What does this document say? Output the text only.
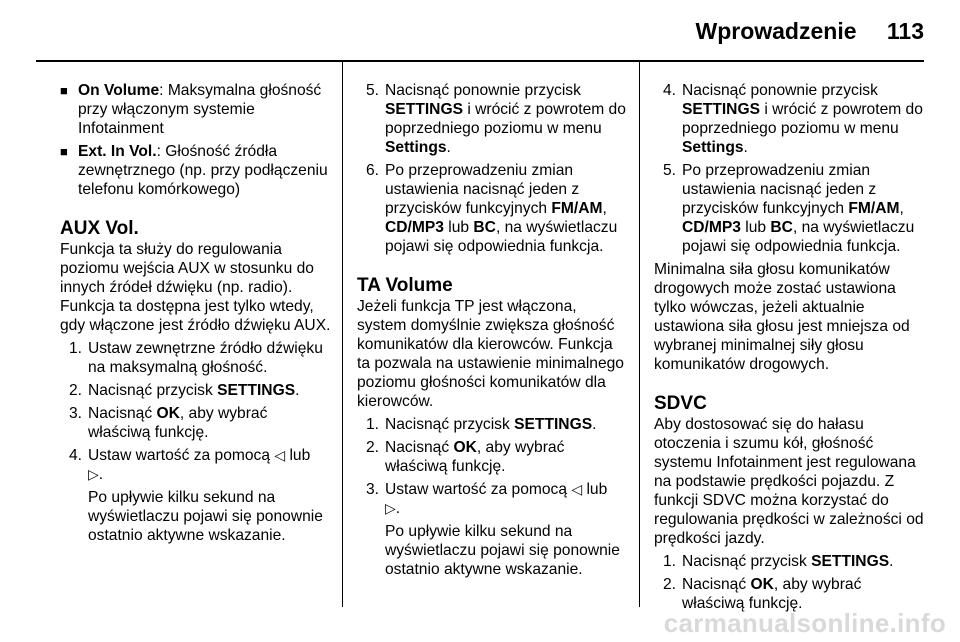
Wprowadzenie 113

■ On Volume: Maksymalna głośność przy włączonym systemie Infotainment

■ Ext. In Vol.: Głośność źródła zewnętrznego (np. przy podłączeniu telefonu komórkowego)

AUX Vol.

Funkcja ta służy do regulowania poziomu wejścia AUX w stosunku do innych źródeł dźwięku (np. radio). Funkcja ta dostępna jest tylko wtedy, gdy włączone jest źródło dźwięku AUX.

1. Ustaw zewnętrzne źródło dźwięku na maksymalną głośność.

2. Nacisnąć przycisk SETTINGS.

3. Nacisnąć OK, aby wybrać właściwą funkcję.

4. Ustaw wartość za pomocą ◁ lub
▷.

Po upływie kilku sekund na wyświetlaczu pojawi się ponownie ostatnio aktywne wskazanie.

5. Nacisnąć ponownie przycisk SETTINGS i wrócić z powrotem do poprzedniego poziomu w menu Settings.

6. Po przeprowadzeniu zmian ustawienia nacisnąć jeden z przycisków funkcyjnych FM/AM, CD/MP3 lub BC, na wyświetlaczu pojawi się odpowiednia funkcja.

TA Volume

Jeżeli funkcja TP jest włączona, system domyślnie zwiększa głośność komunikatów dla kierowców. Funkcja ta pozwala na ustawienie minimalnego poziomu głośności komunikatów dla kierowców.

1. Nacisnąć przycisk SETTINGS.

2. Nacisnąć OK, aby wybrać właściwą funkcję.

3. Ustaw wartość za pomocą ◁ lub
▷.

Po upływie kilku sekund na wyświetlaczu pojawi się ponownie ostatnio aktywne wskazanie.

4. Nacisnąć ponownie przycisk SETTINGS i wrócić z powrotem do poprzedniego poziomu w menu Settings.

5. Po przeprowadzeniu zmian ustawienia nacisnąć jeden z przycisków funkcyjnych FM/AM, CD/MP3 lub BC, na wyświetlaczu pojawi się odpowiednia funkcja.

Minimalna siła głosu komunikatów drogowych może zostać ustawiona tylko wówczas, jeżeli aktualnie ustawiona siła głosu jest mniejsza od wybranej minimalnej siły głosu komunikatów drogowych.

SDVC

Aby dostosować się do hałasu otoczenia i szumu kół, głośność systemu Infotainment jest regulowana na podstawie prędkości pojazdu. Z funkcji SDVC można korzystać do regulowania prędkości w zależności od prędkości jazdy.

1. Nacisnąć przycisk SETTINGS.

2. Nacisnąć OK, aby wybrać właściwą funkcję.

carmanualsonline.info
